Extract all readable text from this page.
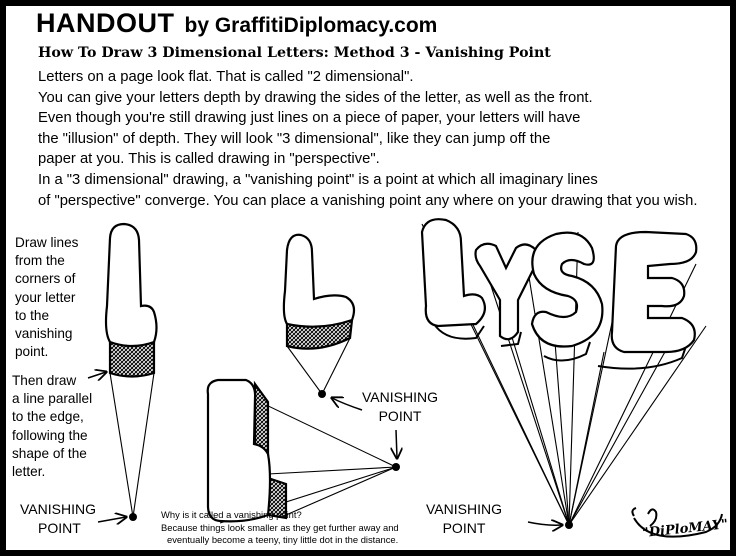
HANDOUT by GraffitiDiplomacy.com
How To Draw 3 Dimensional Letters: Method 3 - Vanishing Point
Letters on a page look flat. That is called "2 dimensional".
You can give your letters depth by drawing the sides of the letter, as well as the front.
Even though you're still drawing just lines on a piece of paper, your letters will have
the "illusion" of depth. They will look "3 dimensional", like they can jump off the
paper at you. This is called drawing in "perspective".
In a "3 dimensional" drawing, a "vanishing point" is a point at which all imaginary lines
of "perspective" converge. You can place a vanishing point any where on your drawing that you wish.
"DiPloMAY"
Draw lines
from the
corners of
your letter
to the
vanishing
point.
Then draw
a line parallel
to the edge,
following the
shape of the
letter.
VANISHING
POINT
VANISHING
POINT
VANISHING
POINT
Why is it called a vanishing point?
Because things look smaller as they get further away and
eventually become a teeny, tiny little dot in the distance.
